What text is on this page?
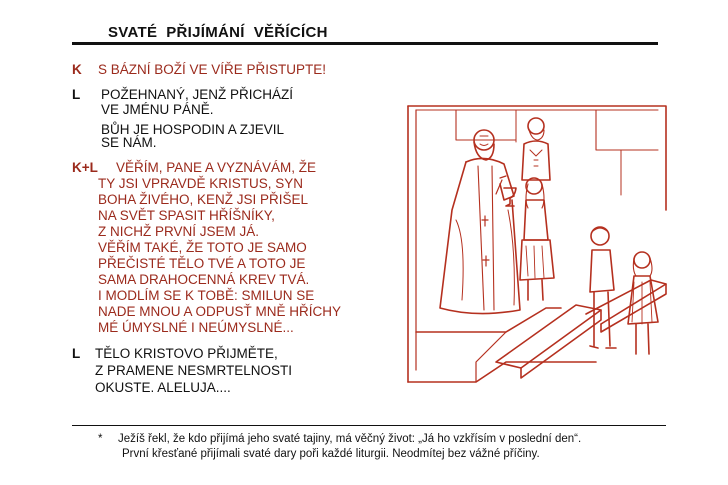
SVATÉ  PŘIJÍMÁNÍ  VĚŘÍCÍCH
K S BÁZNÍ BOŽÍ VE VÍŘE PŘISTUPTE!
L POŽEHNANÝ, JENŽ PŘICHÁZÍ
VE JMÉNU PÁNĚ.
BŮH JE HOSPODIN A ZJEVIL
SE NÁM.
K+L VĚŘÍM, PANE A VYZNÁVÁM, ŽE
TY JSI VPRAVDĚ KRISTUS, SYN
BOHA ŽIVÉHO, KENŽ JSI PŘIŠEL
NA SVĚT SPASIT HŘÍŠNÍKY,
Z NICHŽ PRVNÍ JSEM JÁ.
VĚŘÍM TAKÉ, ŽE TOTO JE SAMO
PŘEČISTÉ TĚLO TVÉ A TOTO JE
SAMA DRAHOCENNÁ KREV TVÁ.
I MODLÍM SE K TOBĚ: SMILUN SE
NADE MNOU A ODPUSŤ MNĚ HŘÍCHY
MÉ ÚMYSLNÉ I NEÚMYSLNÉ...
L TĚLO KRISTOVO PŘIJMĚTE,
Z PRAMENE NESMRTELNOSTI
OKUSTE. ALELUJA....
* Ježíš řekl, že kdo přijímá jeho svaté tajiny, má věčný život: „Já ho vzkřísím v poslední den“.
První křesťané přijímali svaté dary poři každé liturgii. Neodmítej bez vážné příčiny.
